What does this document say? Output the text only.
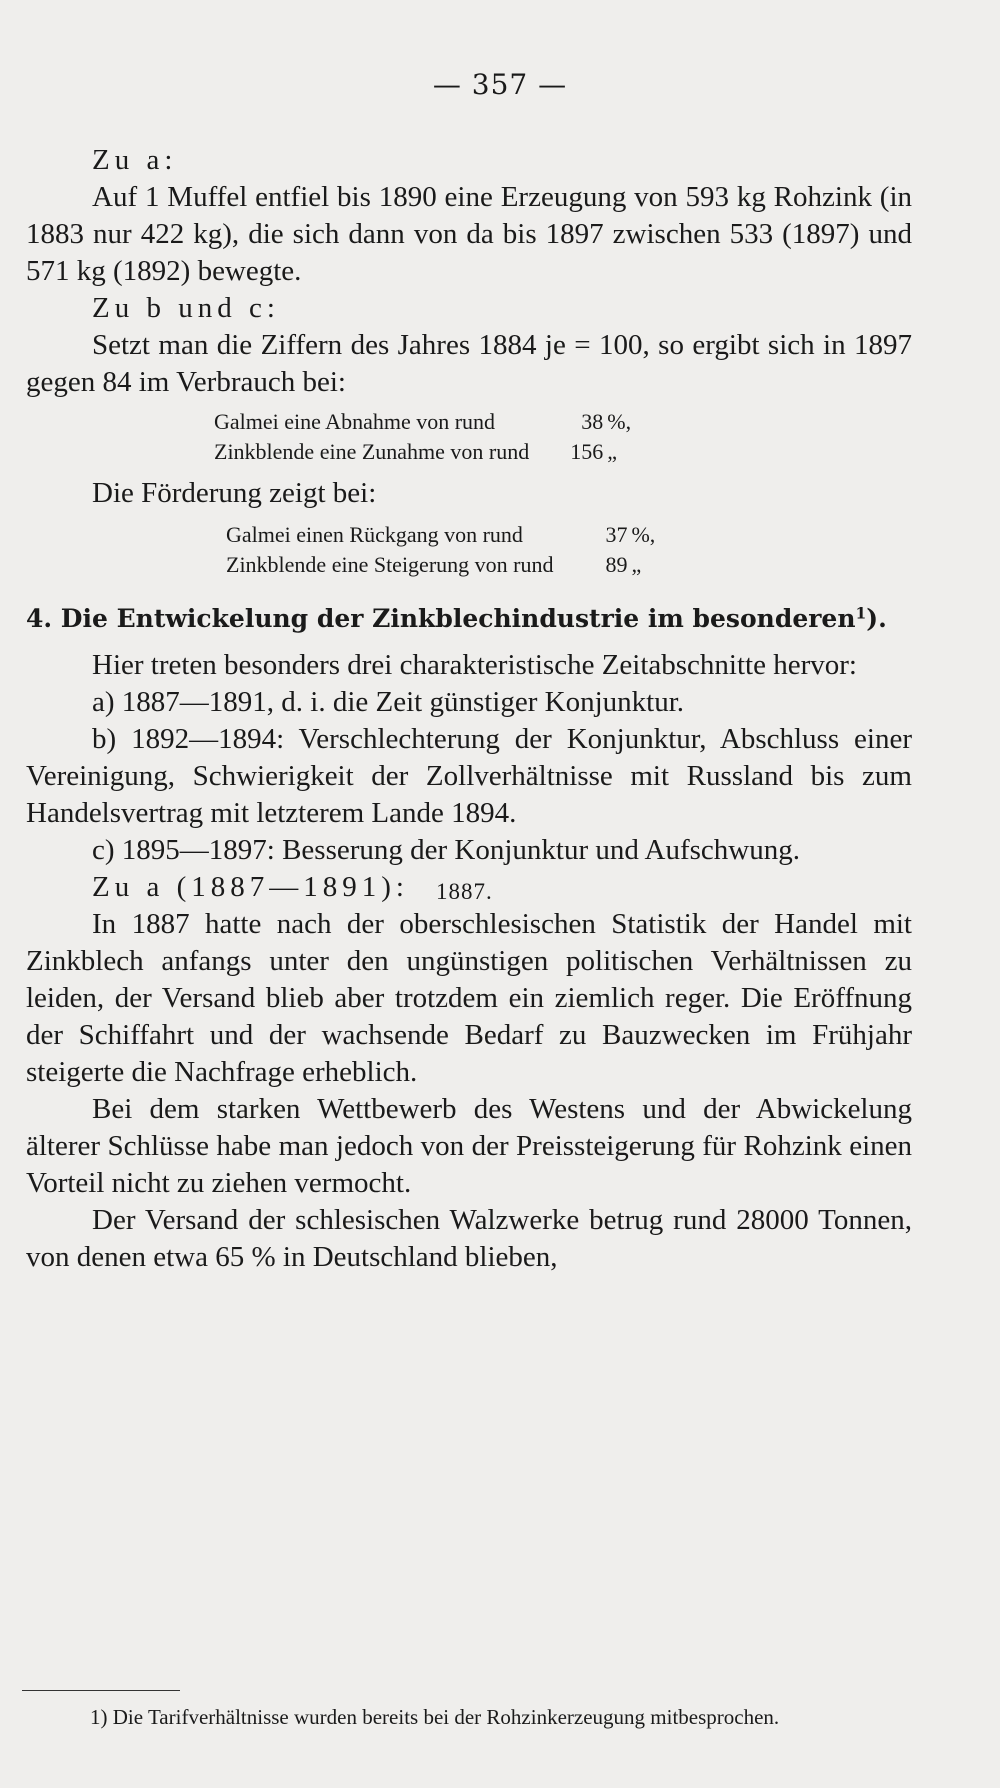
— 357 —

Zu a:

Auf 1 Muffel entfiel bis 1890 eine Erzeugung von 593 kg Rohzink (in 1883 nur 422 kg), die sich dann von da bis 1897 zwischen 533 (1897) und 571 kg (1892) bewegte.

Zu b und c:

Setzt man die Ziffern des Jahres 1884 je = 100, so ergibt sich in 1897 gegen 84 im Verbrauch bei:

Galmei eine Abnahme von rund	38	%,
Zinkblende eine Zunahme von rund	156	„

Die Förderung zeigt bei:

Galmei einen Rückgang von rund	37	%,
Zinkblende eine Steigerung von rund	89	„
4. Die Entwickelung der Zinkblechindustrie im besonderen$^1$).

Hier treten besonders drei charakteristische Zeitabschnitte hervor:

a) 1887—1891, d. i. die Zeit günstiger Konjunktur.

b) 1892—1894: Verschlechterung der Konjunktur, Abschluss einer Vereinigung, Schwierigkeit der Zollverhältnisse mit Russland bis zum Handelsvertrag mit letzterem Lande 1894.

c) 1895—1897: Besserung der Konjunktur und Aufschwung.

Zu a (1887—1891):	1887.

In 1887 hatte nach der oberschlesischen Statistik der Handel mit Zinkblech anfangs unter den ungünstigen politischen Verhältnissen zu leiden, der Versand blieb aber trotzdem ein ziemlich reger. Die Eröffnung der Schiffahrt und der wachsende Bedarf zu Bauzwecken im Frühjahr steigerte die Nachfrage erheblich.

Bei dem starken Wettbewerb des Westens und der Abwickelung älterer Schlüsse habe man jedoch von der Preissteigerung für Rohzink einen Vorteil nicht zu ziehen vermocht.

Der Versand der schlesischen Walzwerke betrug rund 28000 Tonnen, von denen etwa 65 % in Deutschland blieben,

1) Die Tarifverhältnisse wurden bereits bei der Rohzinkerzeugung mitbesprochen.
